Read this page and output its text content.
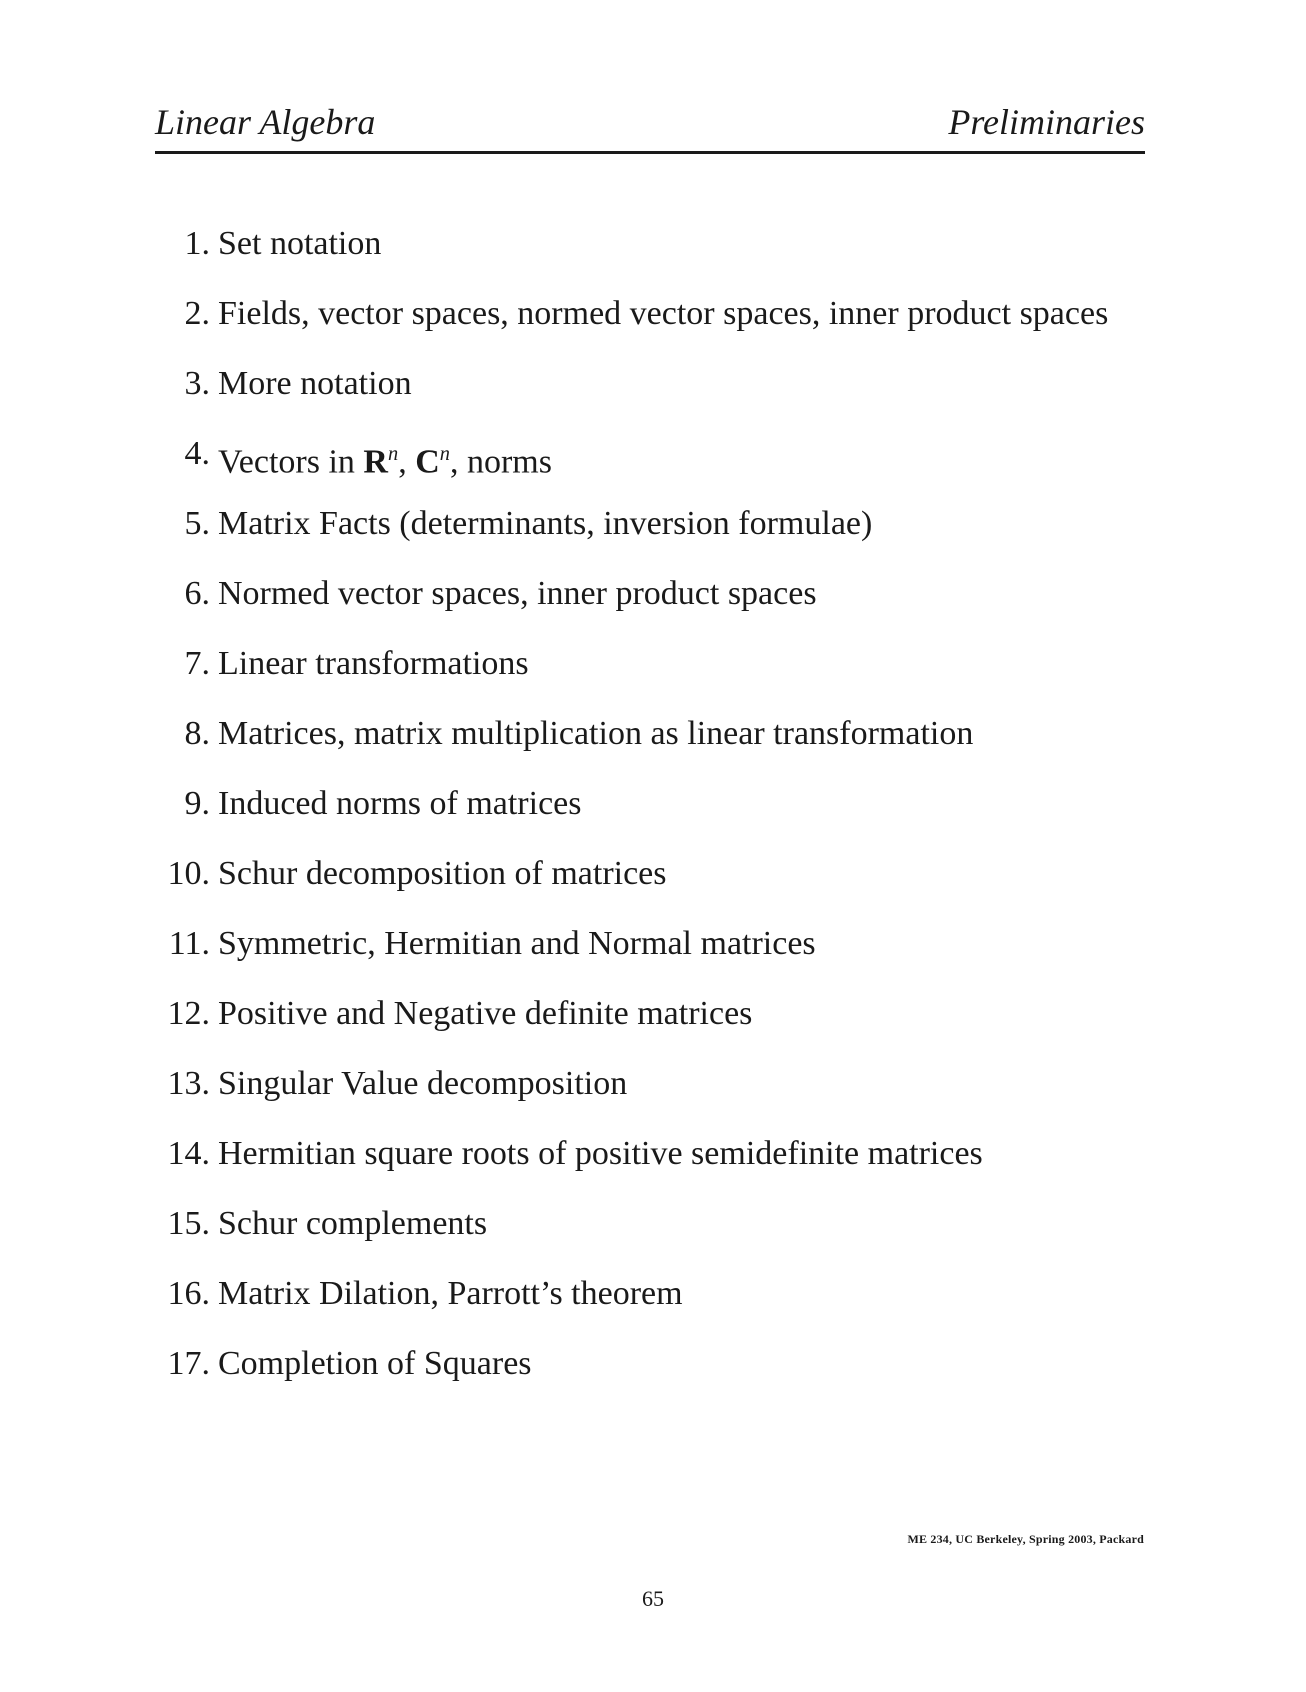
Linear Algebra	Preliminaries
1. Set notation
2. Fields, vector spaces, normed vector spaces, inner product spaces
3. More notation
4. Vectors in $R^n$, $C^n$, norms
5. Matrix Facts (determinants, inversion formulae)
6. Normed vector spaces, inner product spaces
7. Linear transformations
8. Matrices, matrix multiplication as linear transformation
9. Induced norms of matrices
10. Schur decomposition of matrices
11. Symmetric, Hermitian and Normal matrices
12. Positive and Negative definite matrices
13. Singular Value decomposition
14. Hermitian square roots of positive semidefinite matrices
15. Schur complements
16. Matrix Dilation, Parrott’s theorem
17. Completion of Squares
ME 234, UC Berkeley, Spring 2003, Packard
65
